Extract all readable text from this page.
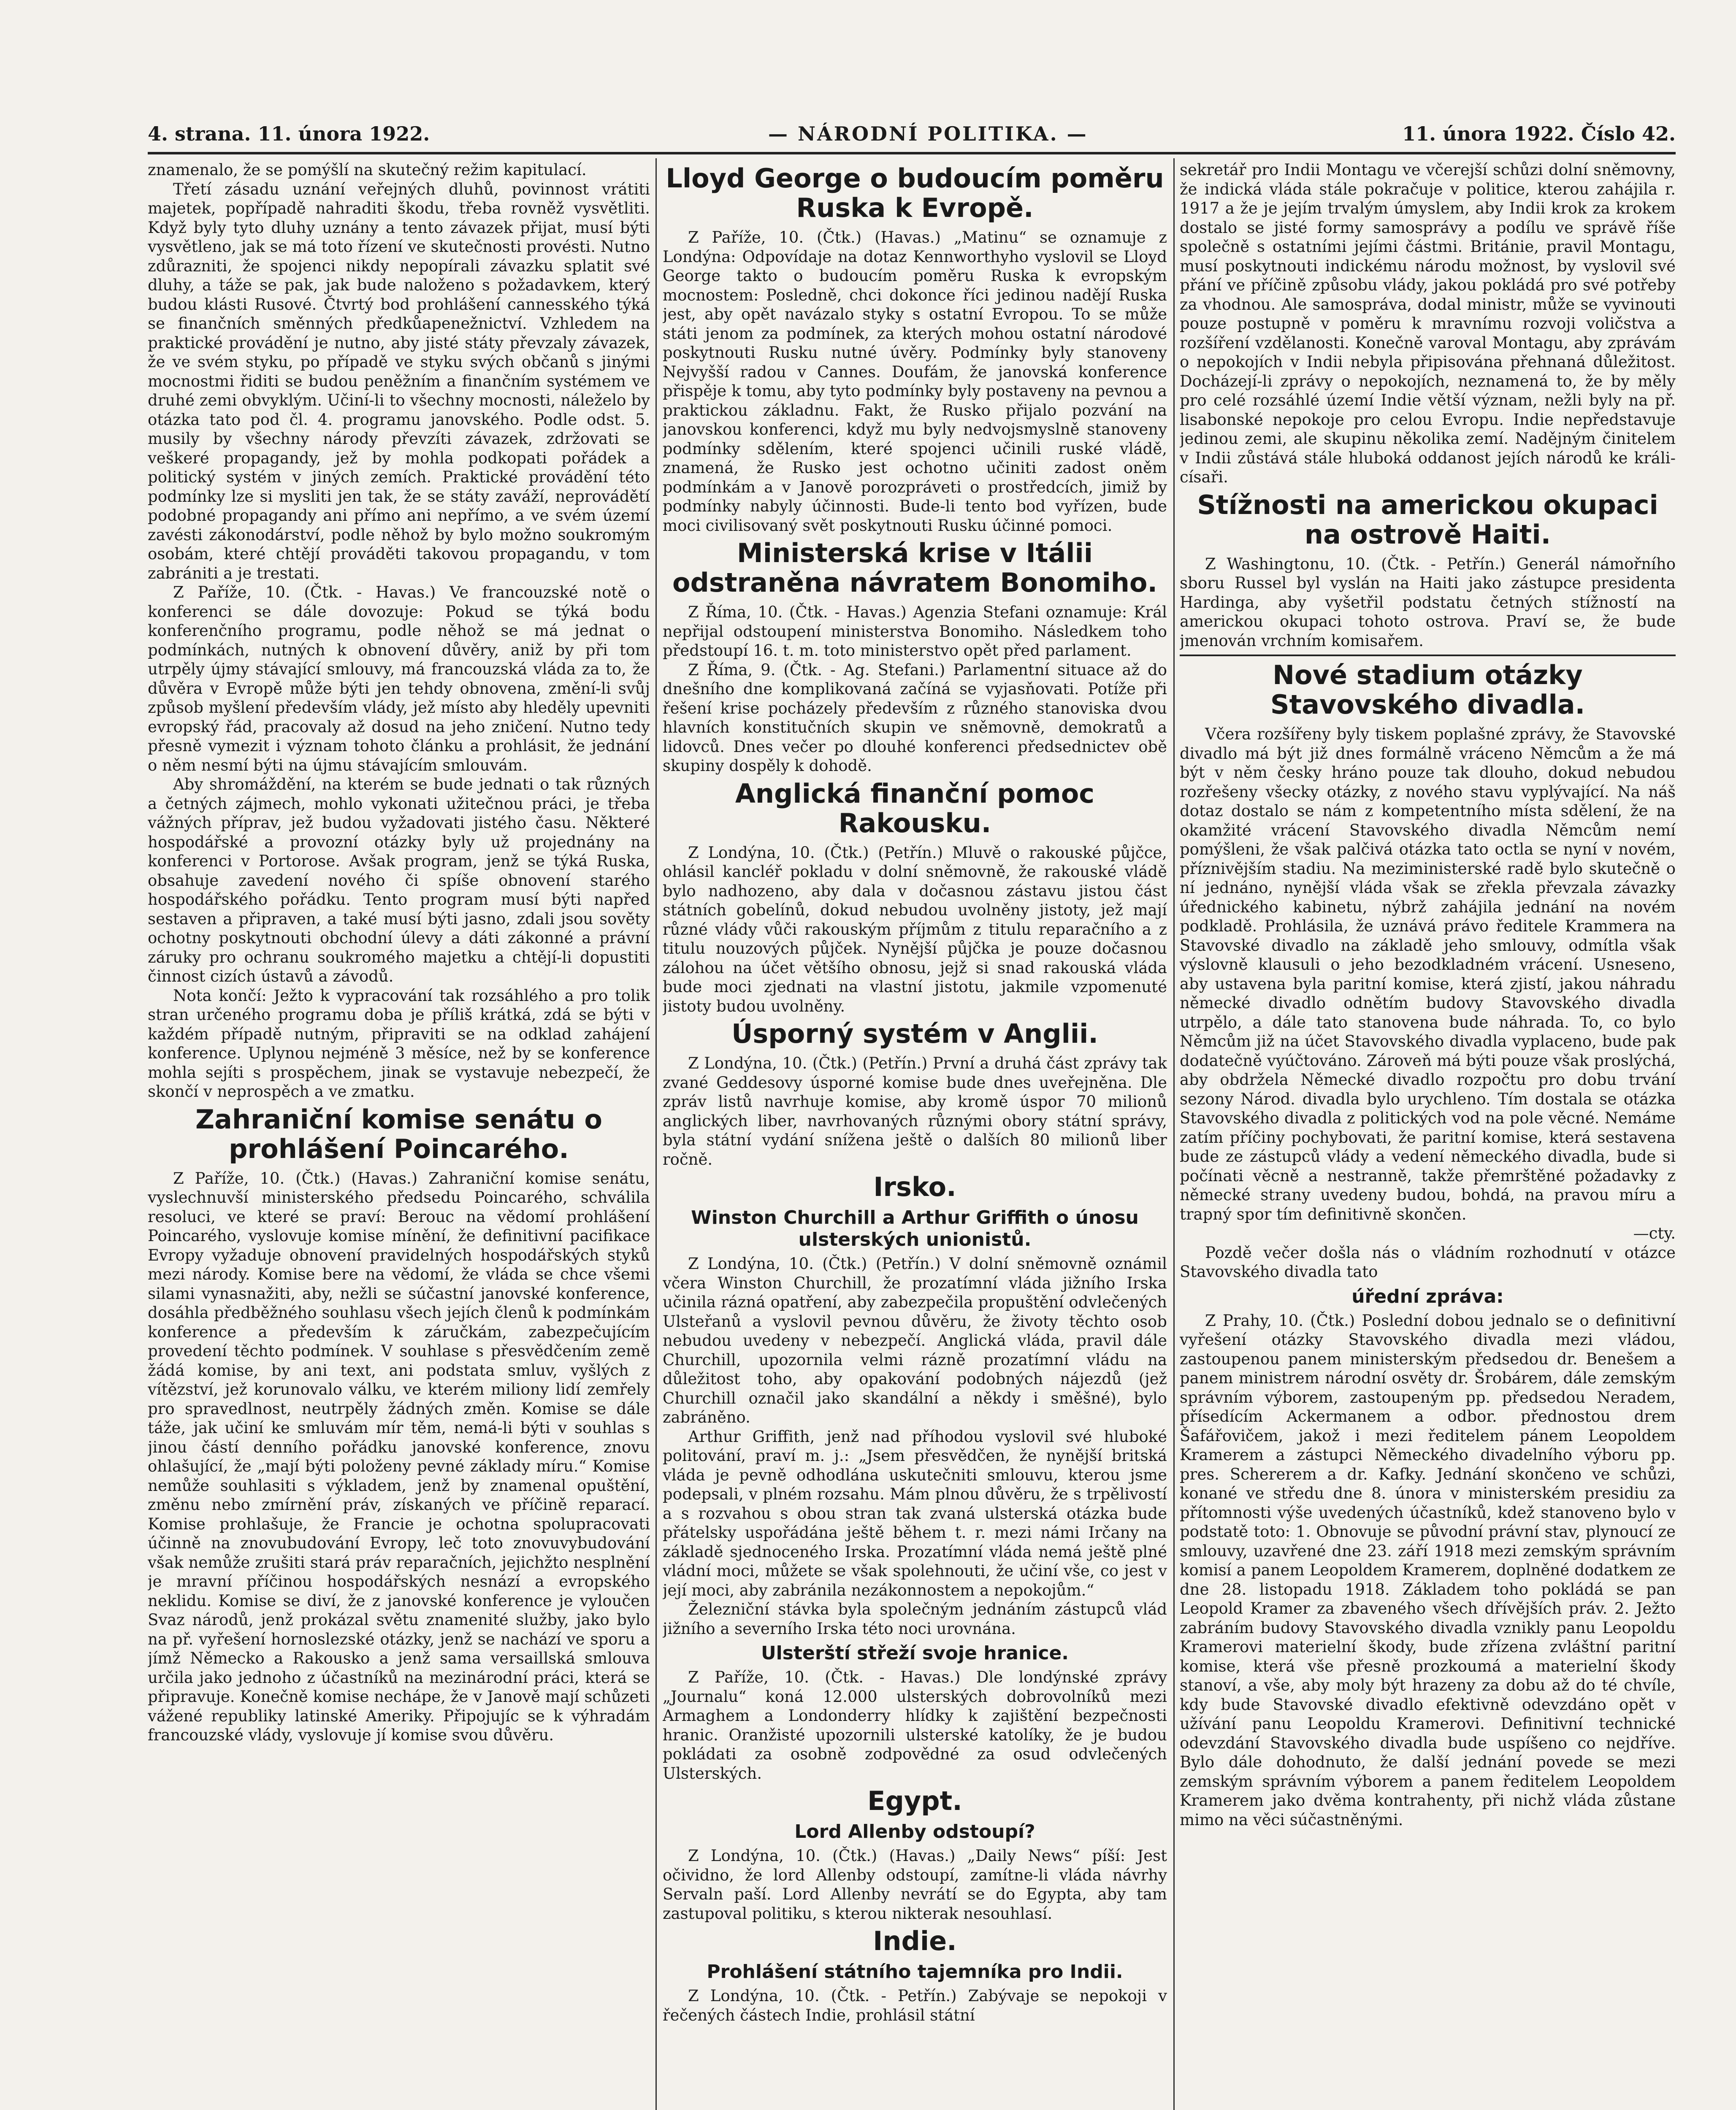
4. strana. 11. února 1922.	— NÁRODNÍ POLITIKA. —	11. února 1922. Číslo 42.

znamenalo, že se pomýšlí na skutečný režim kapitulací.

Třetí zásadu uznání veřejných dluhů, povinnost vrátiti majetek, popřípadě nahraditi škodu, třeba rovněž vysvětliti. Když byly tyto dluhy uznány a tento závazek přijat, musí býti vysvětleno, jak se má toto řízení ve skutečnosti provésti. Nutno zdůrazniti, že spojenci nikdy nepopírali závazku splatit své dluhy, a táže se pak, jak bude naloženo s požadavkem, který budou klásti Rusové. Čtvrtý bod prohlášení cannesského týká se finančních směnných předkůapenežnictví. Vzhledem na praktické provádění je nutno, aby jisté státy převzaly závazek, že ve svém styku, po případě ve styku svých občanů s jinými mocnostmi řiditi se budou peněžním a finančním systémem ve druhé zemi obvyklým. Učiní-li to všechny mocnosti, náleželo by otázka tato pod čl. 4. programu janovského. Podle odst. 5. musily by všechny národy převzíti závazek, zdržovati se veškeré propagandy, jež by mohla podkopati pořádek a politický systém v jiných zemích. Praktické provádění této podmínky lze si mysliti jen tak, že se státy zaváží, neprovádětí podobné propagandy ani přímo ani nepřímo, a ve svém území zavésti zákonodárství, podle něhož by bylo možno soukromým osobám, které chtějí prováděti takovou propagandu, v tom zabrániti a je trestati.

Z Paříže, 10. (Čtk. - Havas.) Ve francouzské notě o konferenci se dále dovozuje: Pokud se týká bodu konferenčního programu, podle něhož se má jednat o podmínkách, nutných k obnovení důvěry, aniž by při tom utrpěly újmy stávající smlouvy, má francouzská vláda za to, že důvěra v Evropě může býti jen tehdy obnovena, změní-li svůj způsob myšlení především vlády, jež místo aby hleděly upevniti evropský řád, pracovaly až dosud na jeho zničení. Nutno tedy přesně vymezit i význam tohoto článku a prohlásit, že jednání o něm nesmí býti na újmu stávajícím smlouvám.

Aby shromáždění, na kterém se bude jednati o tak různých a četných zájmech, mohlo vykonati užitečnou práci, je třeba vážných příprav, jež budou vyžadovati jistého času. Některé hospodářské a provozní otázky byly už projednány na konferenci v Portorose. Avšak program, jenž se týká Ruska, obsahuje zavedení nového či spíše obnovení starého hospodářského pořádku. Tento program musí býti napřed sestaven a připraven, a také musí býti jasno, zdali jsou sověty ochotny poskytnouti obchodní úlevy a dáti zákonné a právní záruky pro ochranu soukromého majetku a chtějí-li dopustiti činnost cizích ústavů a závodů.

Nota končí: Ježto k vypracování tak rozsáhlého a pro tolik stran určeného programu doba je příliš krátká, zdá se býti v každém případě nutným, připraviti se na odklad zahájení konference. Uplynou nejméně 3 měsíce, než by se konference mohla sejíti s prospěchem, jinak se vystavuje nebezpečí, že skončí v neprospěch a ve zmatku.

Zahraniční komise senátu o prohlášení Poincarého.

Z Paříže, 10. (Čtk.) (Havas.) Zahraniční komise senátu, vyslechnuvší ministerského předsedu Poincarého, schválila resoluci, ve které se praví: Berouc na vědomí prohlášení Poincarého, vyslovuje komise mínění, že definitivní pacifikace Evropy vyžaduje obnovení pravidelných hospodářských styků mezi národy. Komise bere na vědomí, že vláda se chce všemi silami vynasnažiti, aby, nežli se súčastní janovské konference, dosáhla předběžného souhlasu všech jejích členů k podmínkám konference a především k záručkám, zabezpečujícím provedení těchto podmínek. V souhlase s přesvědčením země žádá komise, by ani text, ani podstata smluv, vyšlých z vítězství, jež korunovalo válku, ve kterém miliony lidí zemřely pro spravedlnost, neutrpěly žádných změn. Komise se dále táže, jak učiní ke smluvám mír těm, nemá-li býti v souhlas s jinou částí denního pořádku janovské konference, znovu ohlašující, že „mají býti položeny pevné základy míru.“ Komise nemůže souhlasiti s výkladem, jenž by znamenal opuštění, změnu nebo zmírnění práv, získaných ve příčině reparací. Komise prohlašuje, že Francie je ochotna spolupracovati účinně na znovubudování Evropy, leč toto znovuvybudování však nemůže zrušiti stará práv reparačních, jejichžto nesplnění je mravní příčinou hospodářských nesnází a evropského neklidu. Komise se diví, že z janovské konference je vyloučen Svaz národů, jenž prokázal světu znamenité služby, jako bylo na př. vyřešení hornoslezské otázky, jenž se nachází ve sporu a jímž Německo a Rakousko a jenž sama versaillská smlouva určila jako jednoho z účastníků na mezinárodní práci, která se připravuje. Konečně komise nechápe, že v Janově mají schůzeti vážené republiky latinské Ameriky. Připojujíc se k výhradám francouzské vlády, vyslovuje jí komise svou důvěru.

Lloyd George o budoucím poměru Ruska k Evropě.

Z Paříže, 10. (Čtk.) (Havas.) „Matinu“ se oznamuje z Londýna: Odpovídaje na dotaz Kennworthyho vyslovil se Lloyd George takto o budoucím poměru Ruska k evropským mocnostem: Posledně, chci dokonce říci jedinou nadějí Ruska jest, aby opět navázalo styky s ostatní Evropou. To se může státi jenom za podmínek, za kterých mohou ostatní národové poskytnouti Rusku nutné úvěry. Podmínky byly stanoveny Nejvyšší radou v Cannes. Doufám, že janovská konference přispěje k tomu, aby tyto podmínky byly postaveny na pevnou a praktickou základnu. Fakt, že Rusko přijalo pozvání na janovskou konferenci, když mu byly nedvojsmyslně stanoveny podmínky sdělením, které spojenci učinili ruské vládě, znamená, že Rusko jest ochotno učiniti zadost oněm podmínkám a v Janově porozpráveti o prostředcích, jimiž by podmínky nabyly účinnosti. Bude-li tento bod vyřízen, bude moci civilisovaný svět poskytnouti Rusku účinné pomoci.

Ministerská krise v Itálii odstraněna návratem Bonomiho.

Z Říma, 10. (Čtk. - Havas.) Agenzia Stefani oznamuje: Král nepřijal odstoupení ministerstva Bonomiho. Následkem toho předstoupí 16. t. m. toto ministerstvo opět před parlament.

Z Říma, 9. (Čtk. - Ag. Stefani.) Parlamentní situace až do dnešního dne komplikovaná začíná se vyjasňovati. Potíže při řešení krise pocházely především z různého stanoviska dvou hlavních konstitučních skupin ve sněmovně, demokratů a lidovců. Dnes večer po dlouhé konferenci předsednictev obě skupiny dospěly k dohodě.

Anglická finanční pomoc Rakousku.

Z Londýna, 10. (Čtk.) (Petřín.) Mluvě o rakouské půjčce, ohlásil kancléř pokladu v dolní sněmovně, že rakouské vládě bylo nadhozeno, aby dala v dočasnou zástavu jistou část státních gobelínů, dokud nebudou uvolněny jistoty, jež mají různé vlády vůči rakouským příjmům z titulu reparačního a z titulu nouzových půjček. Nynější půjčka je pouze dočasnou zálohou na účet většího obnosu, jejž si snad rakouská vláda bude moci zjednati na vlastní jistotu, jakmile vzpomenuté jistoty budou uvolněny.

Úsporný systém v Anglii.

Z Londýna, 10. (Čtk.) (Petřín.) První a druhá část zprávy tak zvané Geddesovy úsporné komise bude dnes uveřejněna. Dle zpráv listů navrhuje komise, aby kromě úspor 70 milionů anglických liber, navrhovaných různými obory státní správy, byla státní vydání snížena ještě o dalších 80 milionů liber ročně.

Irsko.
Winston Churchill a Arthur Griffith o únosu ulsterských unionistů.

Z Londýna, 10. (Čtk.) (Petřín.) V dolní sněmovně oznámil včera Winston Churchill, že prozatímní vláda jižního Irska učinila rázná opatření, aby zabezpečila propuštění odvlečených Ulsteřanů a vyslovil pevnou důvěru, že životy těchto osob nebudou uvedeny v nebezpečí. Anglická vláda, pravil dále Churchill, upozornila velmi rázně prozatímní vládu na důležitost toho, aby opakování podobných nájezdů (jež Churchill označil jako skandální a někdy i směšné), bylo zabráněno.

Arthur Griffith, jenž nad příhodou vyslovil své hluboké politování, praví m. j.: „Jsem přesvědčen, že nynější britská vláda je pevně odhodlána uskutečniti smlouvu, kterou jsme podepsali, v plném rozsahu. Mám plnou důvěru, že s trpělivostí a s rozvahou s obou stran tak zvaná ulsterská otázka bude přátelsky uspořádána ještě během t. r. mezi námi Irčany na základě sjednoceného Irska. Prozatímní vláda nemá ještě plné vládní moci, můžete se však spolehnouti, že učiní vše, co jest v její moci, aby zabránila nezákonnostem a nepokojům.“

Železniční stávka byla společným jednáním zástupců vlád jižního a severního Irska této noci urovnána.

Ulsterští střeží svoje hranice.

Z Paříže, 10. (Čtk. - Havas.) Dle londýnské zprávy „Journalu“ koná 12.000 ulsterských dobrovolníků mezi Armaghem a Londonderry hlídky k zajištění bezpečnosti hranic. Oranžisté upozornili ulsterské katolíky, že je budou pokládati za osobně zodpovědné za osud odvlečených Ulsterských.

Egypt.
Lord Allenby odstoupí?

Z Londýna, 10. (Čtk.) (Havas.) „Daily News“ píší: Jest očividno, že lord Allenby odstoupí, zamítne-li vláda návrhy Servaln paší. Lord Allenby nevrátí se do Egypta, aby tam zastupoval politiku, s kterou nikterak nesouhlasí.

Indie.
Prohlášení státního tajemníka pro Indii.

Z Londýna, 10. (Čtk. - Petřín.) Zabývaje se nepokoji v řečených částech Indie, prohlásil státní

sekretář pro Indii Montagu ve včerejší schůzi dolní sněmovny, že indická vláda stále pokračuje v politice, kterou zahájila r. 1917 a že je jejím trvalým úmyslem, aby Indii krok za krokem dostalo se jisté formy samosprávy a podílu ve správě říše společně s ostatními jejími částmi. Británie, pravil Montagu, musí poskytnouti indickému národu možnost, by vyslovil své přání ve příčině způsobu vlády, jakou pokládá pro své potřeby za vhodnou. Ale samospráva, dodal ministr, může se vyvinouti pouze postupně v poměru k mravnímu rozvoji voličstva a rozšíření vzdělanosti. Konečně varoval Montagu, aby zprávám o nepokojích v Indii nebyla připisována přehnaná důležitost. Docházejí-li zprávy o nepokojích, neznamená to, že by měly pro celé rozsáhlé území Indie větší význam, nežli byly na př. lisabonské nepokoje pro celou Evropu. Indie nepředstavuje jedinou zemi, ale skupinu několika zemí. Nadějným činitelem v Indii zůstává stále hluboká oddanost jejích národů ke králi-císaři.

Stížnosti na americkou okupaci na ostrově Haiti.

Z Washingtonu, 10. (Čtk. - Petřín.) Generál námořního sboru Russel byl vyslán na Haiti jako zástupce presidenta Hardinga, aby vyšetřil podstatu četných stížností na americkou okupaci tohoto ostrova. Praví se, že bude jmenován vrchním komisařem.

Nové stadium otázky Stavovského divadla.

Včera rozšířeny byly tiskem poplašné zprávy, že Stavovské divadlo má být již dnes formálně vráceno Němcům a že má být v něm česky hráno pouze tak dlouho, dokud nebudou rozřešeny všecky otázky, z nového stavu vyplývající. Na náš dotaz dostalo se nám z kompetentního místa sdělení, že na okamžité vrácení Stavovského divadla Němcům nemí pomýšleni, že však palčivá otázka tato octla se nyní v novém, příznivějším stadiu. Na meziministerské radě bylo skutečně o ní jednáno, nynější vláda však se zřekla převzala závazky úřednického kabinetu, nýbrž zahájila jednání na novém podkladě. Prohlásila, že uznává právo ředitele Krammera na Stavovské divadlo na základě jeho smlouvy, odmítla však výslovně klausuli o jeho bezodkladném vrácení. Usneseno, aby ustavena byla paritní komise, která zjistí, jakou náhradu německé divadlo odnětím budovy Stavovského divadla utrpělo, a dále tato stanovena bude náhrada. To, co bylo Němcům již na účet Stavovského divadla vyplaceno, bude pak dodatečně vyúčtováno. Zároveň má býti pouze však proslýchá, aby obdržela Německé divadlo rozpočtu pro dobu trvání sezony Národ. divadla bylo urychleno. Tím dostala se otázka Stavovského divadla z politických vod na pole věcné. Nemáme zatím příčiny pochybovati, že paritní komise, která sestavena bude ze zástupců vlády a vedení německého divadla, bude si počínati věcně a nestranně, takže přemrštěné požadavky z německé strany uvedeny budou, bohdá, na pravou míru a trapný spor tím definitivně skončen.

—cty.

Pozdě večer došla nás o vládním rozhodnutí v otázce Stavovského divadla tato

úřední zpráva:

Z Prahy, 10. (Čtk.) Poslední dobou jednalo se o definitivní vyřešení otázky Stavovského divadla mezi vládou, zastoupenou panem ministerským předsedou dr. Benešem a panem ministrem národní osvěty dr. Šrobárem, dále zemským správním výborem, zastoupeným pp. předsedou Neradem, přísedícím Ackermanem a odbor. přednostou drem Šafářovičem, jakož i mezi ředitelem pánem Leopoldem Kramerem a zástupci Německého divadelního výboru pp. pres. Schererem a dr. Kafky. Jednání skončeno ve schůzi, konané ve středu dne 8. února v ministerském presidiu za přítomnosti výše uvedených účastníků, kdež stanoveno bylo v podstatě toto: 1. Obnovuje se původní právní stav, plynoucí ze smlouvy, uzavřené dne 23. září 1918 mezi zemským správním komisí a panem Leopoldem Kramerem, doplněné dodatkem ze dne 28. listopadu 1918. Základem toho pokládá se pan Leopold Kramer za zbaveného všech dřívějších práv. 2. Ježto zabráním budovy Stavovského divadla vznikly panu Leopoldu Kramerovi materielní škody, bude zřízena zvláštní paritní komise, která vše přesně prozkoumá a materielní škody stanoví, a vše, aby moly být hrazeny za dobu až do té chvíle, kdy bude Stavovské divadlo efektivně odevzdáno opět v užívání panu Leopoldu Kramerovi. Definitivní technické odevzdání Stavovského divadla bude uspíšeno co nejdříve. Bylo dále dohodnuto, že další jednání povede se mezi zemským správním výborem a panem ředitelem Leopoldem Kramerem jako dvěma kontrahenty, při nichž vláda zůstane mimo na věci súčastněnými.
